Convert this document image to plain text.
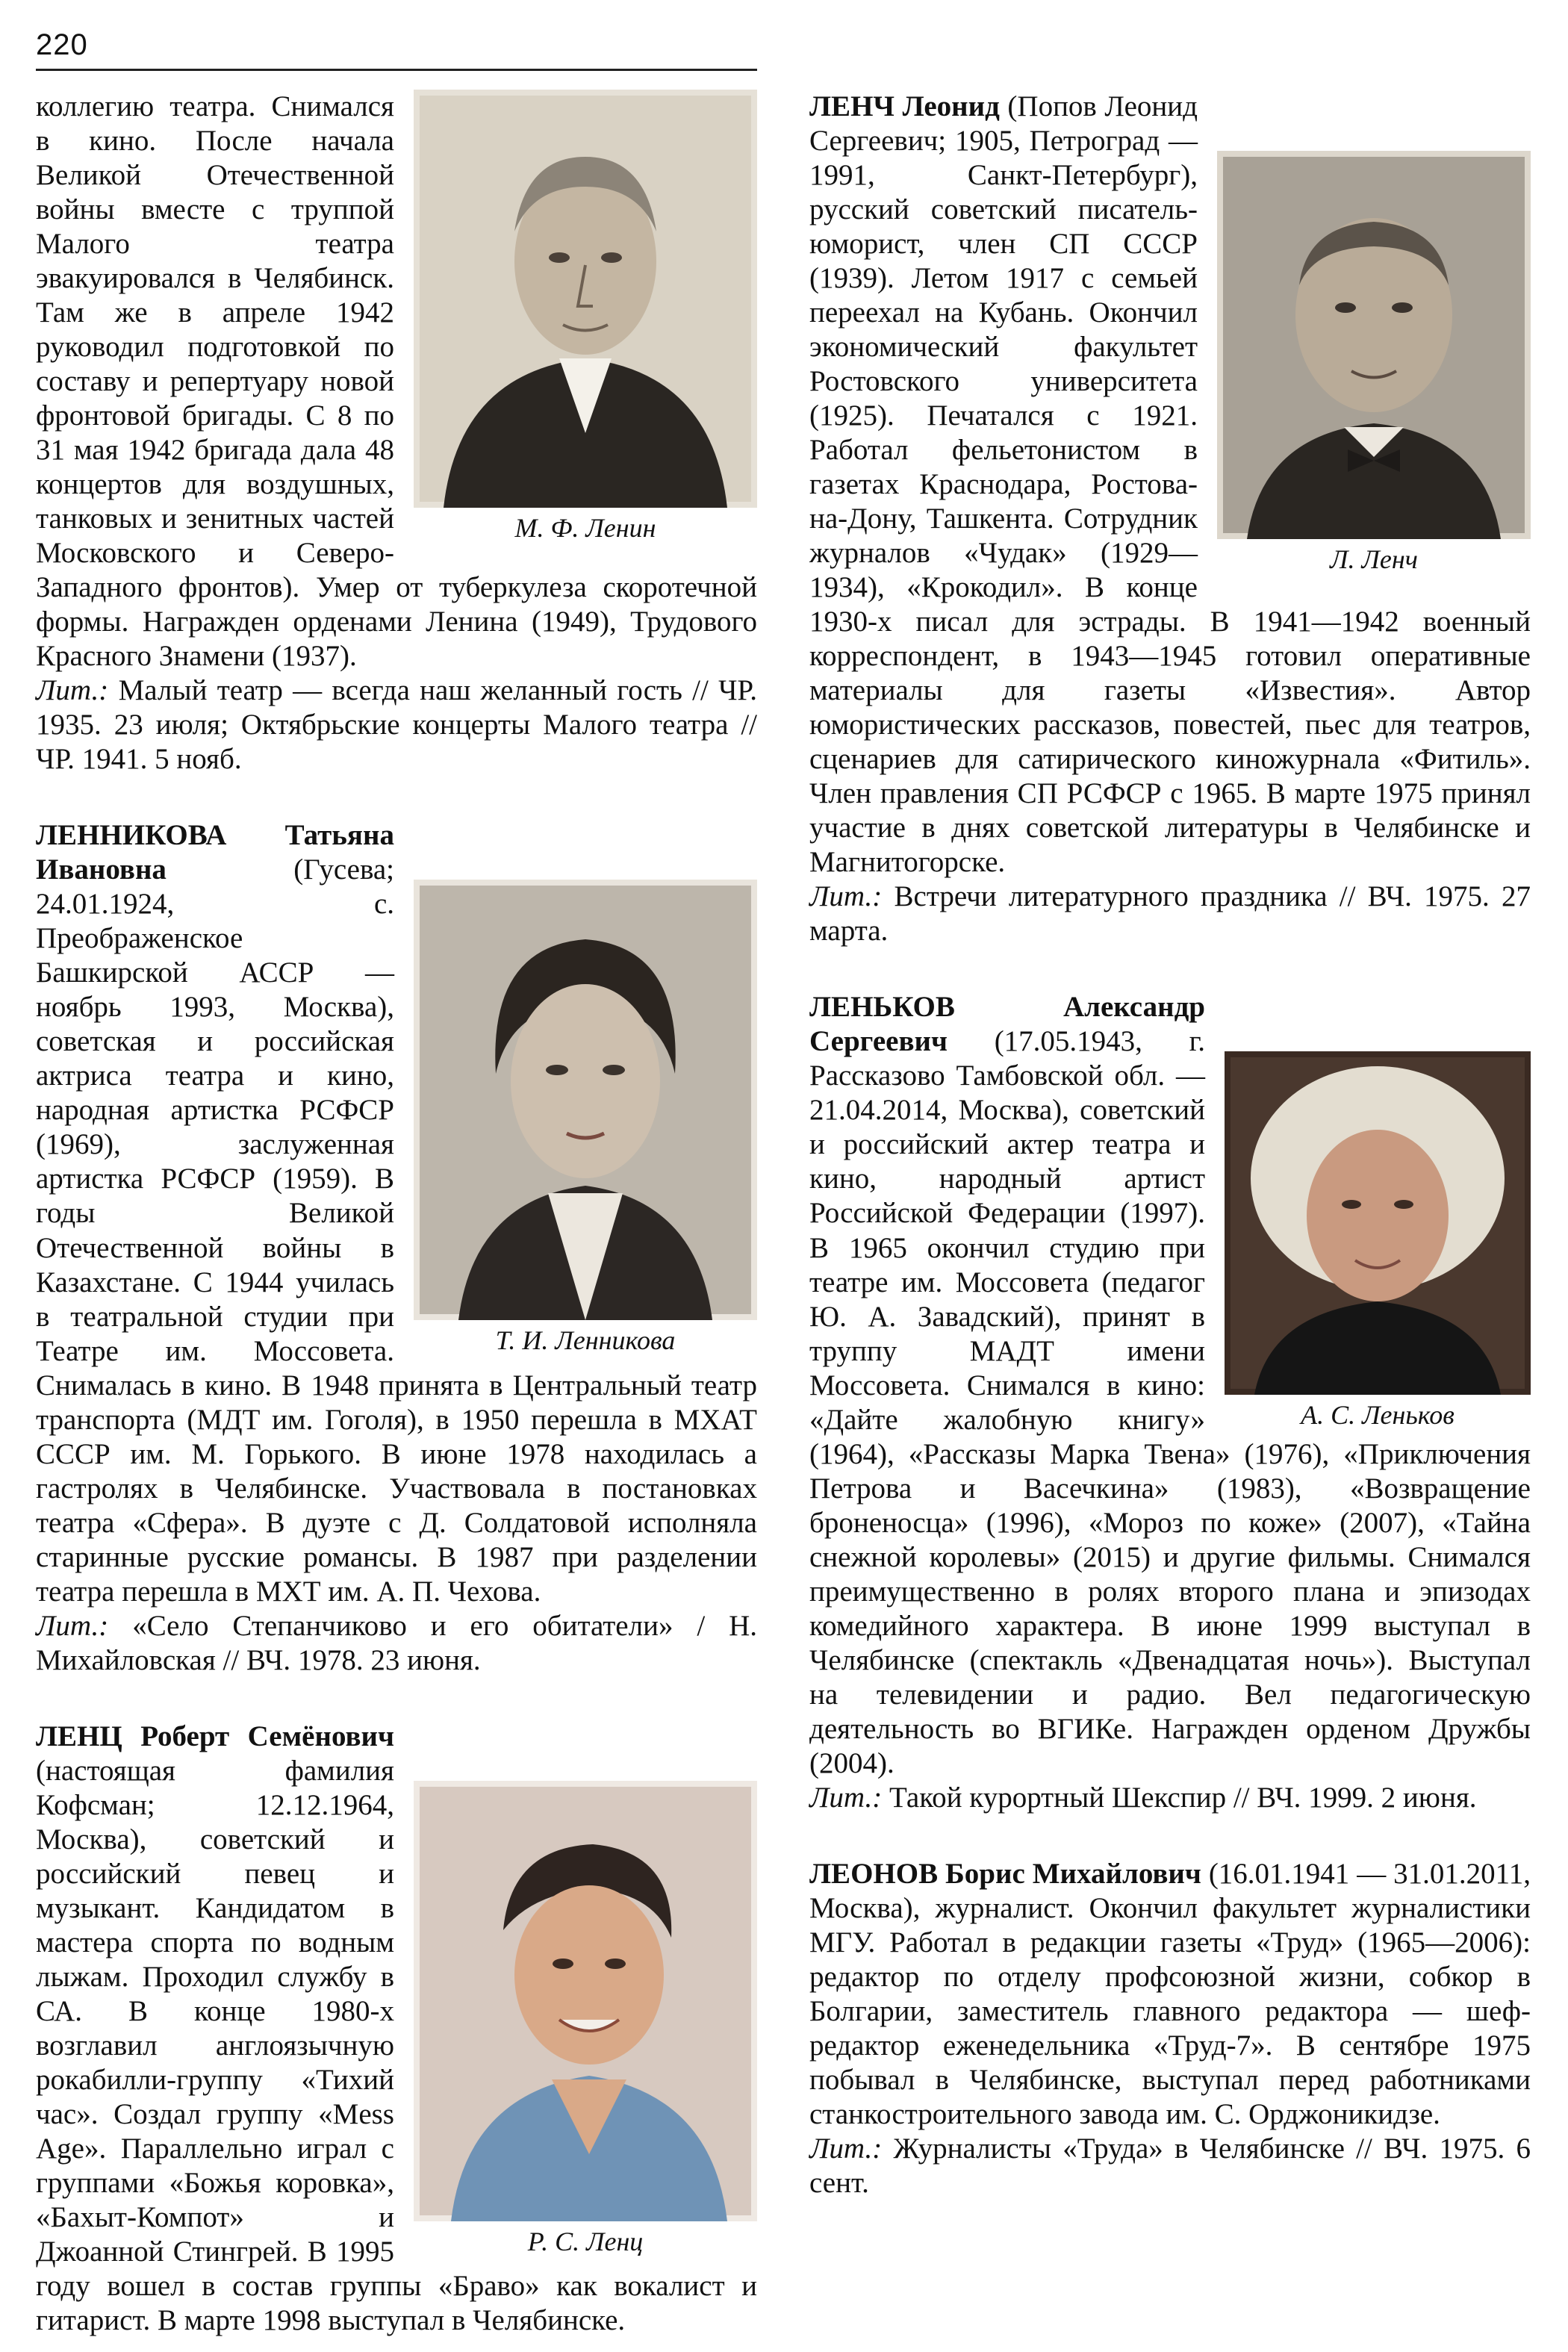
220
М. Ф. Ленин

коллегию театра. Снимался в кино. После начала Великой Отечественной войны вместе с труппой Малого театра эвакуировался в Челябинск. Там же в апреле 1942 руководил подготовкой по составу и репертуару новой фронтовой бригады. С 8 по 31 мая 1942 бригада дала 48 концертов для воздушных, танковых и зенитных частей Московского и Северо-Западного фронтов). Умер от туберкулеза скоротечной формы. Награжден орденами Ленина (1949), Трудового Красного Знамени (1937).
Лит.: Малый театр — всегда наш желанный гость // ЧР. 1935. 23 июля; Октябрьские концерты Малого театра // ЧР. 1941. 5 нояб.

Т. И. Ленникова

ЛЕННИКОВА Татьяна Ивановна (Гусева; 24.01.1924, с. Преображенское Башкирской АССР — ноябрь 1993, Москва), советская и российская актриса театра и кино, народная артистка РСФСР (1969), заслуженная артистка РСФСР (1959). В годы Великой Отечественной войны в Казахстане. С 1944 училась в театральной студии при Театре им. Моссовета. Снималась в кино. В 1948 принята в Центральный театр транспорта (МДТ им. Гоголя), в 1950 перешла в МХАТ СССР им. М. Горького. В июне 1978 находилась а гастролях в Челябинске. Участвовала в постановках театра «Сфера». В дуэте с Д. Солдатовой исполняла старинные русские романсы. В 1987 при разделении театра перешла в МХТ им. А. П. Чехова.
Лит.: «Село Степанчиково и его обитатели» / Н. Михайловская // ВЧ. 1978. 23 июня.

Р. С. Ленц

ЛЕНЦ Роберт Семёнович (настоящая фамилия Кофсман; 12.12.1964, Москва), советский и российский певец и музыкант. Кандидатом в мастера спорта по водным лыжам. Проходил службу в СА. В конце 1980-х возглавил англоязычную рокабилли-группу «Тихий час». Создал группу «Mess Age». Параллельно играл с группами «Божья коровка», «Бахыт-Компот» и Джоанной Стингрей. В 1995 году вошел в состав группы «Браво» как вокалист и гитарист. В марте 1998 выступал в Челябинске.

Л. Ленч

ЛЕНЧ Леонид (Попов Леонид Сергеевич; 1905, Петроград — 1991, Санкт-Петербург), русский советский писатель-юморист, член СП СССР (1939). Летом 1917 с семьей переехал на Кубань. Окончил экономический факультет Ростовского университета (1925). Печатался с 1921. Работал фельетонистом в газетах Краснодара, Ростова-на-Дону, Ташкента. Сотрудник журналов «Чудак» (1929—1934), «Крокодил». В конце 1930-х писал для эстрады. В 1941—1942 военный корреспондент, в 1943—1945 готовил оперативные материалы для газеты «Известия». Автор юмористических рассказов, повестей, пьес для театров, сценариев для сатирического киножурнала «Фитиль». Член правления СП РСФСР с 1965. В марте 1975 принял участие в днях советской литературы в Челябинске и Магнитогорске.
Лит.: Встречи литературного праздника // ВЧ. 1975. 27 марта.

А. С. Леньков

ЛЕНЬКОВ Александр Сергеевич (17.05.1943, г. Рассказово Тамбовской обл. — 21.04.2014, Москва), советский и российский актер театра и кино, народный артист Российской Федерации (1997). В 1965 окончил студию при театре им. Моссовета (педагог Ю. А. Завадский), принят в труппу МАДТ имени Моссовета. Снимался в кино: «Дайте жалобную книгу» (1964), «Рассказы Марка Твена» (1976), «Приключения Петрова и Васечкина» (1983), «Возвращение броненосца» (1996), «Мороз по коже» (2007), «Тайна снежной королевы» (2015) и другие фильмы. Снимался преимущественно в ролях второго плана и эпизодах комедийного характера. В июне 1999 выступал в Челябинске (спектакль «Двенадцатая ночь»). Выступал на телевидении и радио. Вел педагогическую деятельность во ВГИКе. Награжден орденом Дружбы (2004).
Лит.: Такой курортный Шекспир // ВЧ. 1999. 2 июня.

ЛЕОНОВ Борис Михайлович (16.01.1941 — 31.01.2011, Москва), журналист. Окончил факультет журналистики МГУ. Работал в редакции газеты «Труд» (1965—2006): редактор по отделу профсоюзной жизни, собкор в Болгарии, заместитель главного редактора — шеф-редактор еженедельника «Труд-7». В сентябре 1975 побывал в Челябинске, выступал перед работниками станкостроительного завода им. С. Орджоникидзе.
Лит.: Журналисты «Труда» в Челябинске // ВЧ. 1975. 6 сент.
